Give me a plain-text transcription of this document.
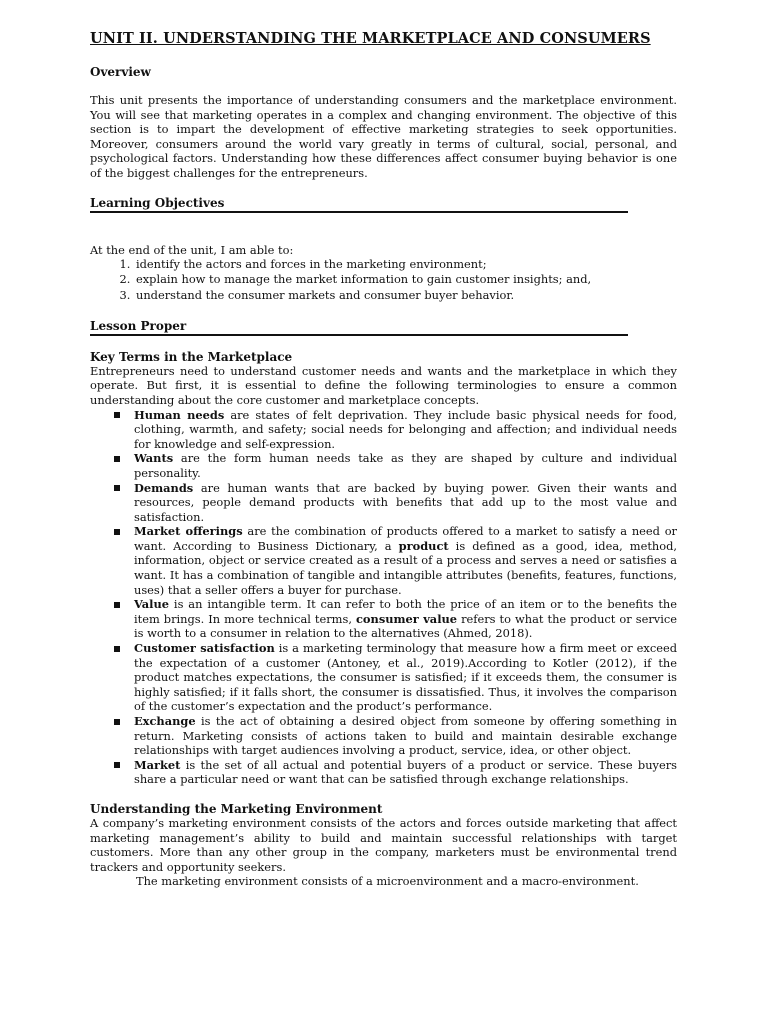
UNIT II. UNDERSTANDING THE MARKETPLACE AND CONSUMERS
Overview

This unit presents the importance of understanding consumers and the marketplace environment. You will see that marketing operates in a complex and changing environment. The objective of this section is to impart the development of effective marketing strategies to seek opportunities. Moreover, consumers around the world vary greatly in terms of cultural, social, personal, and psychological factors. Understanding how these differences affect consumer buying behavior is one of the biggest challenges for the entrepreneurs.

Learning Objectives

At the end of the unit, I am able to:

1. identify the actors and forces in the marketing environment;
2. explain how to manage the market information to gain customer insights; and,
3. understand the consumer markets and consumer buyer behavior.
Lesson Proper
Key Terms in the Marketplace

Entrepreneurs need to understand customer needs and wants and the marketplace in which they operate. But first, it is essential to define the following terminologies to ensure a common understanding about the core customer and marketplace concepts.

Human needs are states of felt deprivation. They include basic physical needs for food, clothing, warmth, and safety; social needs for belonging and affection; and individual needs for knowledge and self-expression.
Wants are the form human needs take as they are shaped by culture and individual personality.
Demands are human wants that are backed by buying power. Given their wants and resources, people demand products with benefits that add up to the most value and satisfaction.
Market offerings are the combination of products offered to a market to satisfy a need or want. According to Business Dictionary, a product is defined as a good, idea, method, information, object or service created as a result of a process and serves a need or satisfies a want. It has a combination of tangible and intangible attributes (benefits, features, functions, uses) that a seller offers a buyer for purchase.
Value is an intangible term. It can refer to both the price of an item or to the benefits the item brings. In more technical terms, consumer value refers to what the product or service is worth to a consumer in relation to the alternatives (Ahmed, 2018).
Customer satisfaction is a marketing terminology that measure how a firm meet or exceed the expectation of a customer (Antoney, et al., 2019).According to Kotler (2012), if the product matches expectations, the consumer is satisfied; if it exceeds them, the consumer is highly satisfied; if it falls short, the consumer is dissatisfied. Thus, it involves the comparison of the customer’s expectation and the product’s performance.
Exchange is the act of obtaining a desired object from someone by offering something in return. Marketing consists of actions taken to build and maintain desirable exchange relationships with target audiences involving a product, service, idea, or other object.
Market is the set of all actual and potential buyers of a product or service. These buyers share a particular need or want that can be satisfied through exchange relationships.
Understanding the Marketing Environment

A company’s marketing environment consists of the actors and forces outside marketing that affect marketing management’s ability to build and maintain successful relationships with target customers. More than any other group in the company, marketers must be environmental trend trackers and opportunity seekers.

The marketing environment consists of a microenvironment and a macro-environment.
